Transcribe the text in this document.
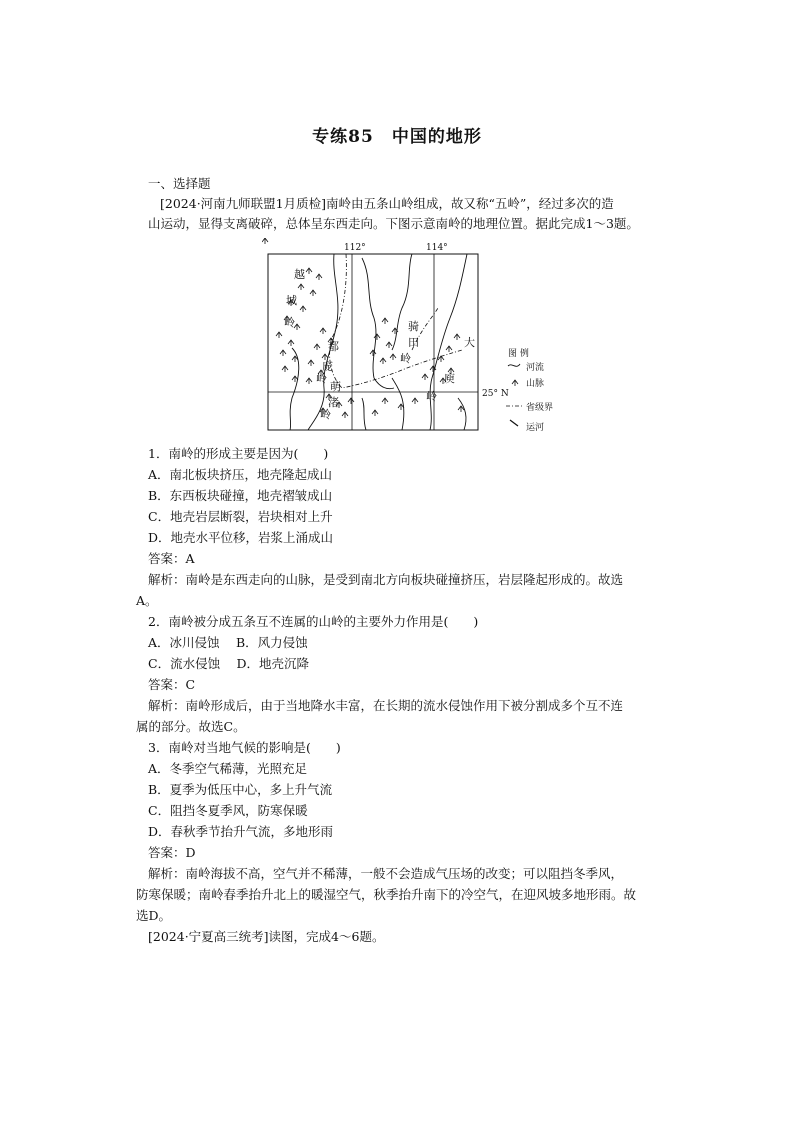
专练85　中国的地形
一、选择题
[2024·河南九师联盟1月质检]南岭由五条山岭组成，故又称“五岭”，经过多次的造
山运动，显得支离破碎，总体呈东西走向。下图示意南岭的地理位置。据此完成1～3题。
112°	114°
25° N
越
城
岭
都
庞
岭
萌
渚
岭
骑
田
岭
大
庾
岭
图 例
河流
山脉
省级界
运河
1．南岭的形成主要是因为(　　)
A．南北板块挤压，地壳隆起成山
B．东西板块碰撞，地壳褶皱成山
C．地壳岩层断裂，岩块相对上升
D．地壳水平位移，岩浆上涌成山
答案：A
解析：南岭是东西走向的山脉，是受到南北方向板块碰撞挤压，岩层隆起形成的。故选
A。
2．南岭被分成五条互不连属的山岭的主要外力作用是(　　)
A．冰川侵蚀　 B．风力侵蚀
C．流水侵蚀　 D．地壳沉降
答案：C
解析：南岭形成后，由于当地降水丰富，在长期的流水侵蚀作用下被分割成多个互不连
属的部分。故选C。
3．南岭对当地气候的影响是(　　)
A．冬季空气稀薄，光照充足
B．夏季为低压中心，多上升气流
C．阻挡冬夏季风，防寒保暖
D．春秋季节抬升气流，多地形雨
答案：D
解析：南岭海拔不高，空气并不稀薄，一般不会造成气压场的改变；可以阻挡冬季风，
防寒保暖；南岭春季抬升北上的暖湿空气，秋季抬升南下的冷空气，在迎风坡多地形雨。故
选D。
[2024·宁夏高三统考]读图，完成4～6题。
